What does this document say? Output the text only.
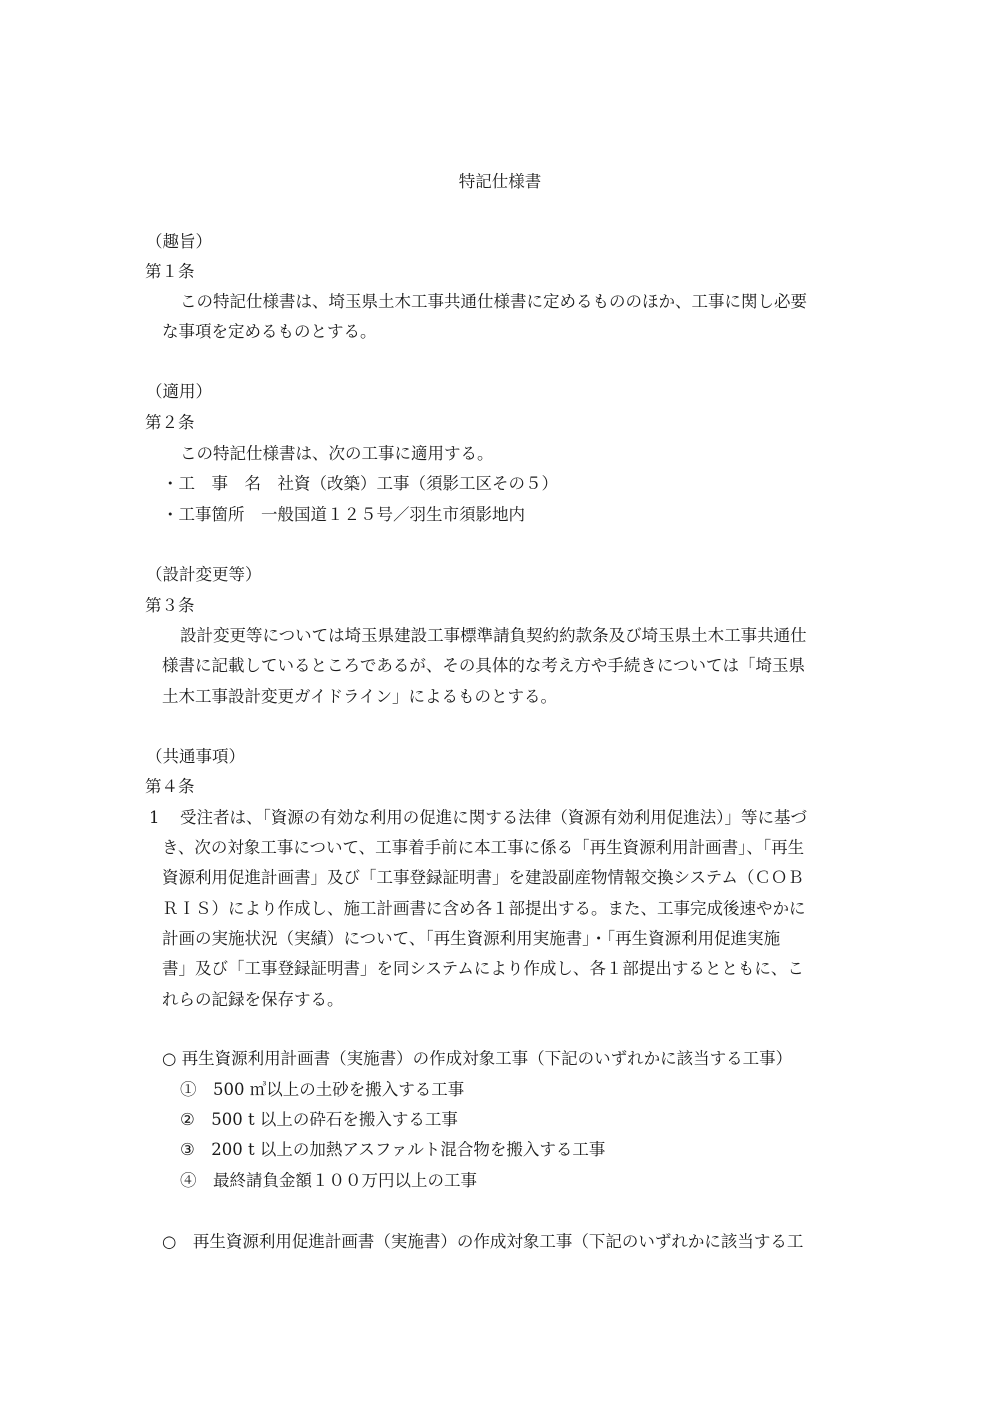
特記仕様書
（趣旨）
第１条
この特記仕様書は、埼玉県土木工事共通仕様書に定めるもののほか、工事に関し必要
な事項を定めるものとする。
（適用）
第２条
この特記仕様書は、次の工事に適用する。
・工　事　名　社資（改築）工事（須影工区その５）
・工事箇所　一般国道１２５号／羽生市須影地内
（設計変更等）
第３条
設計変更等については埼玉県建設工事標準請負契約約款条及び埼玉県土木工事共通仕
様書に記載しているところであるが、その具体的な考え方や手続きについては「埼玉県
土木工事設計変更ガイドライン」によるものとする。
（共通事項）
第４条
1 受注者は、「資源の有効な利用の促進に関する法律（資源有効利用促進法）」等に基づ
き、次の対象工事について、工事着手前に本工事に係る「再生資源利用計画書」、「再生
資源利用促進計画書」及び「工事登録証明書」を建設副産物情報交換システム（ＣＯＢ
ＲＩＳ）により作成し、施工計画書に含め各１部提出する。また、工事完成後速やかに
計画の実施状況（実績）について、「再生資源利用実施書」・「再生資源利用促進実施
書」及び「工事登録証明書」を同システムにより作成し、各１部提出するとともに、こ
れらの記録を保存する。
○ 再生資源利用計画書（実施書）の作成対象工事（下記のいずれかに該当する工事）
①　500 ㎥以上の土砂を搬入する工事
②　500 t 以上の砕石を搬入する工事
③　200 t 以上の加熱アスファルト混合物を搬入する工事
④　最終請負金額１００万円以上の工事
○　再生資源利用促進計画書（実施書）の作成対象工事（下記のいずれかに該当する工
